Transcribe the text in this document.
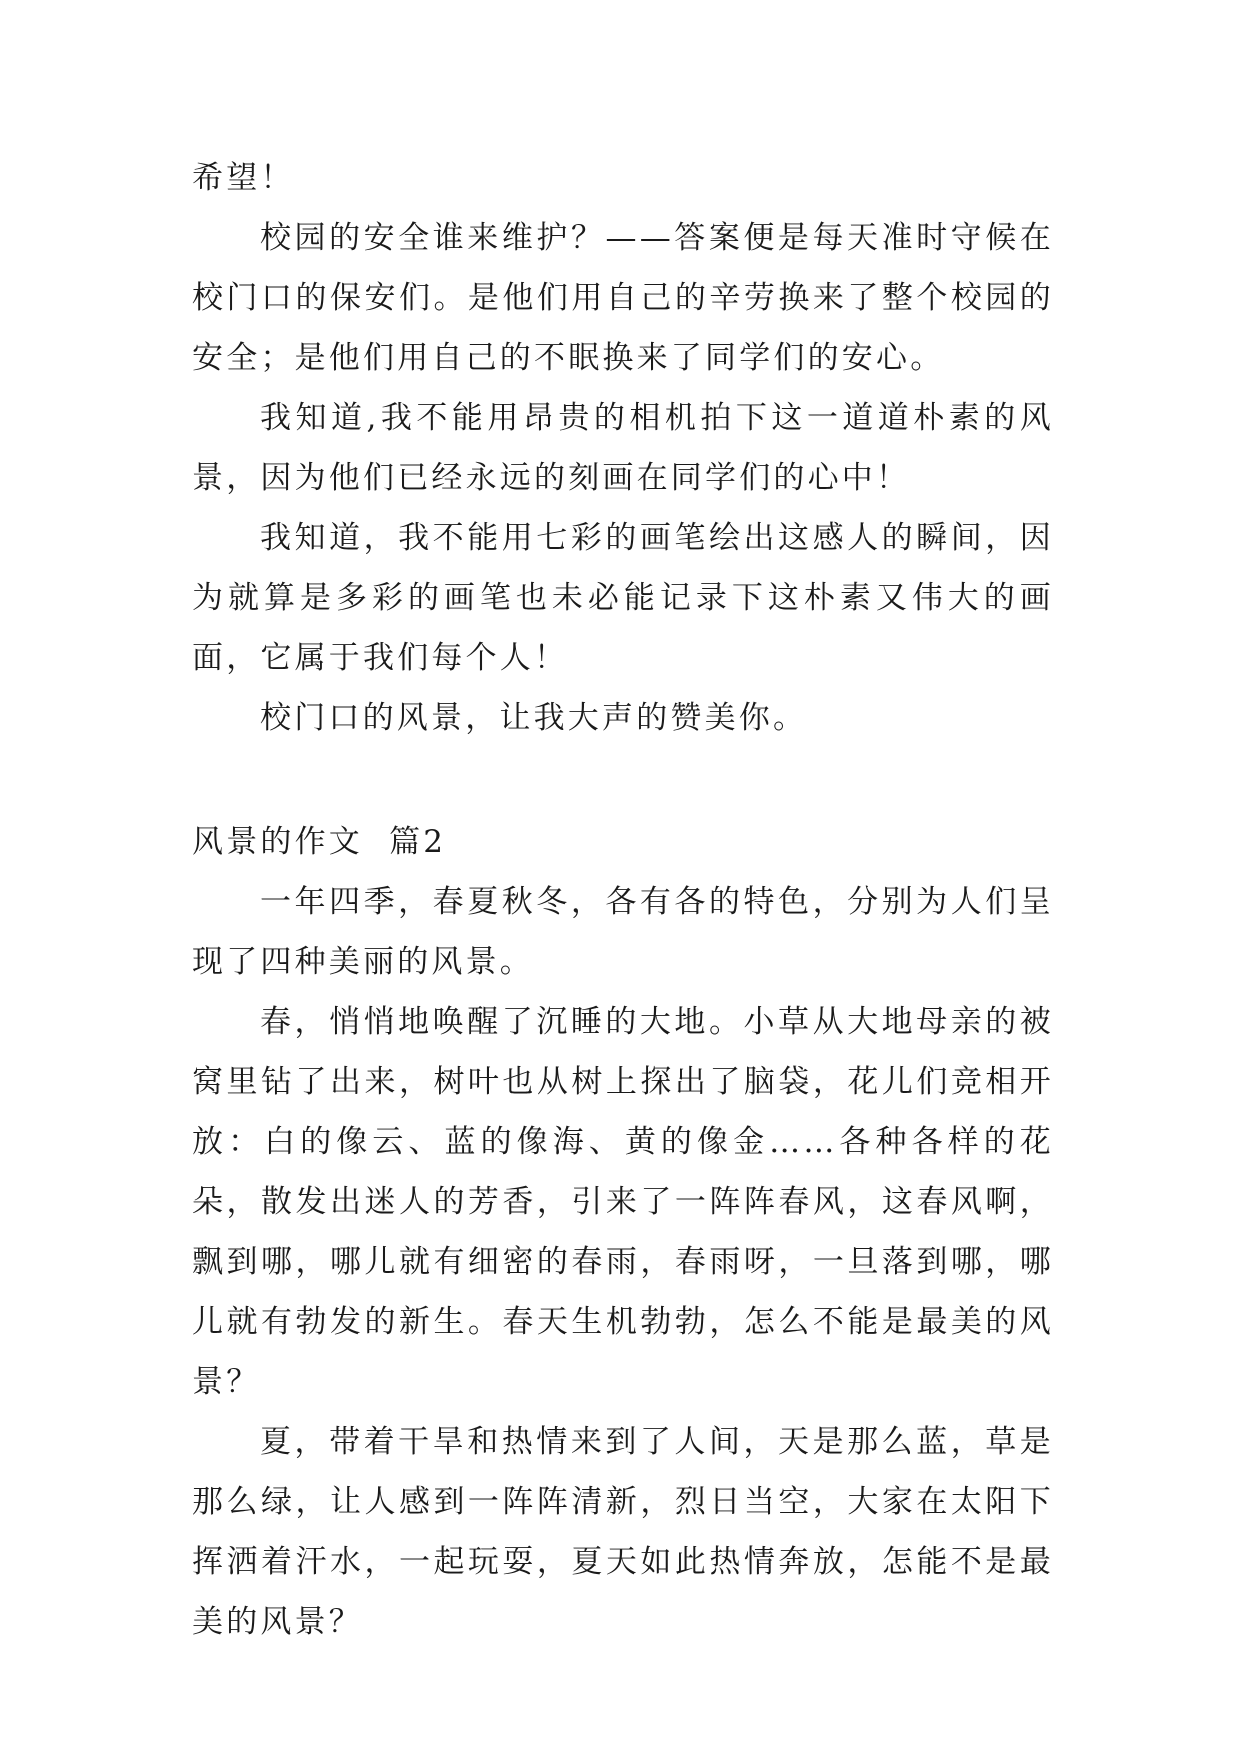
希望！

校园的安全谁来维护？——答案便是每天准时守候在校门口的保安们。是他们用自己的辛劳换来了整个校园的安全；是他们用自己的不眠换来了同学们的安心。

我知道,我不能用昂贵的相机拍下这一道道朴素的风景，因为他们已经永远的刻画在同学们的心中！

我知道，我不能用七彩的画笔绘出这感人的瞬间，因为就算是多彩的画笔也未必能记录下这朴素又伟大的画面，它属于我们每个人！

校门口的风景，让我大声的赞美你。

风景的作文  篇2

一年四季，春夏秋冬，各有各的特色，分别为人们呈现了四种美丽的风景。

春，悄悄地唤醒了沉睡的大地。小草从大地母亲的被窝里钻了出来，树叶也从树上探出了脑袋，花儿们竞相开放：白的像云、蓝的像海、黄的像金……各种各样的花朵，散发出迷人的芳香，引来了一阵阵春风，这春风啊，飘到哪，哪儿就有细密的春雨，春雨呀，一旦落到哪，哪儿就有勃发的新生。春天生机勃勃，怎么不能是最美的风景？

夏，带着干旱和热情来到了人间，天是那么蓝，草是那么绿，让人感到一阵阵清新，烈日当空，大家在太阳下挥洒着汗水，一起玩耍，夏天如此热情奔放，怎能不是最美的风景？
